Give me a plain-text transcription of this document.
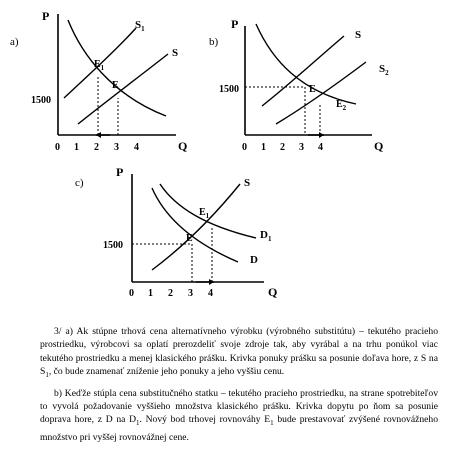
a)
P
Q
1500
0 1 2 3 4
$S_1$
S
$E_1$
E
b)
P
Q
1500
0 1 2 3 4
S
$S_2$
E
$E_2$
c)
P
Q
1500
0 1 2 3 4
S
$D_1$
D
$E_1$
E

3/ a) Ak stúpne trhová cena alternatívneho výrobku (výrobného substitútu) – tekutého pracieho prostriedku, výrobcovi sa oplatí prerozdeliť svoje zdroje tak, aby vyrábal a na trhu ponúkol viac tekutého prostriedku a menej klasického prášku. Krivka ponuky prášku sa posunie doľava hore, z S na $S_1$, čo bude znamenať zníženie jeho ponuky a jeho vyššiu cenu.

b) Keďže stúpla cena substitučného statku – tekutého pracieho prostriedku, na strane spotrebiteľov to vyvolá požadovanie vyššieho množstva klasického prášku. Krivka dopytu po ňom sa posunie doprava hore, z D na $D_1$. Nový bod trhovej rovnováhy $E_1$ bude prestavovať zvýšené rovnovážneho množstvo pri vyššej rovnovážnej cene.
